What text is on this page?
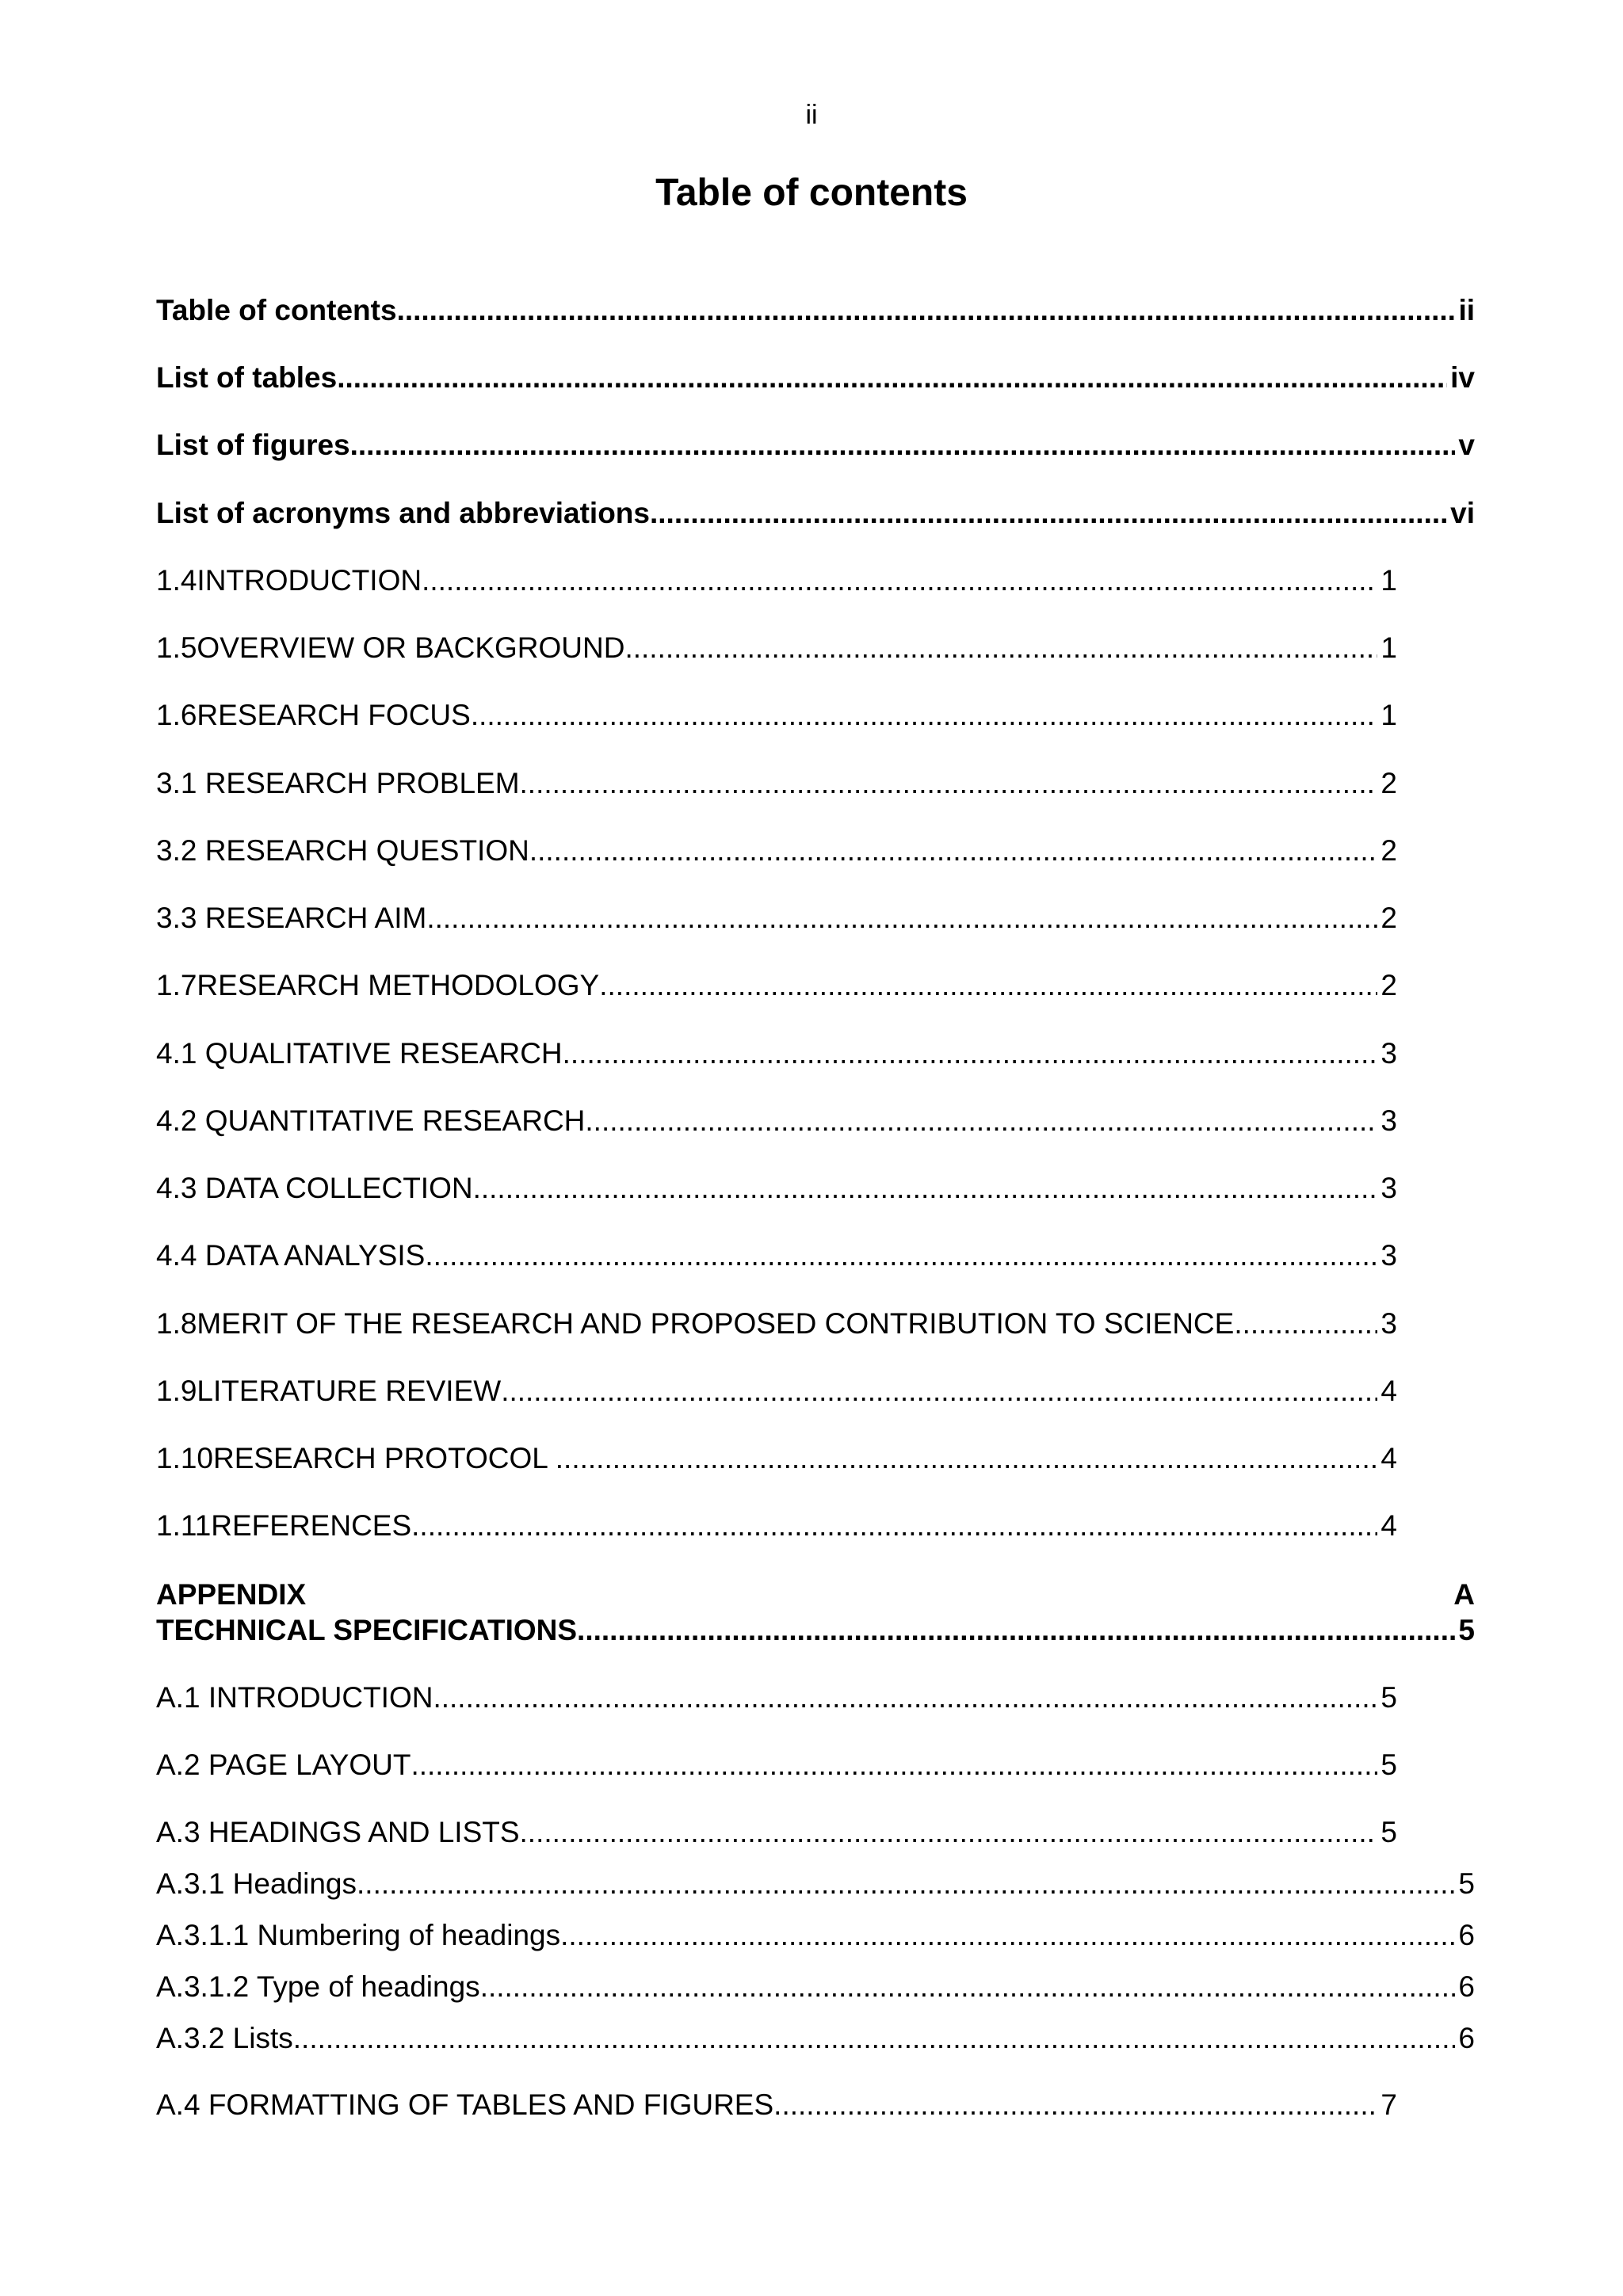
ii
Table of contents
Table of contents .....	ii
List of tables .....	iv
List of figures .....	v
List of acronyms and abbreviations .....	vi
1.4INTRODUCTION .....	1
1.5OVERVIEW OR BACKGROUND .....	1
1.6RESEARCH FOCUS .....	1
3.1 RESEARCH PROBLEM .....	2
3.2 RESEARCH QUESTION .....	2
3.3 RESEARCH AIM .....	2
1.7RESEARCH METHODOLOGY .....	2
4.1 QUALITATIVE RESEARCH .....	3
4.2 QUANTITATIVE RESEARCH .....	3
4.3 DATA COLLECTION .....	3
4.4 DATA ANALYSIS .....	3
1.8MERIT OF THE RESEARCH AND PROPOSED CONTRIBUTION TO SCIENCE .....	3
1.9LITERATURE REVIEW .....	4
1.10RESEARCH PROTOCOL .....	4
1.11REFERENCES .....	4
APPENDIX	A
TECHNICAL SPECIFICATIONS .....	5
A.1 INTRODUCTION .....	5
A.2 PAGE LAYOUT .....	5
A.3 HEADINGS AND LISTS .....	5
A.3.1 Headings .....	5
A.3.1.1 Numbering of headings .....	6
A.3.1.2 Type of headings .....	6
A.3.2 Lists .....	6
A.4 FORMATTING OF TABLES AND FIGURES .....	7
